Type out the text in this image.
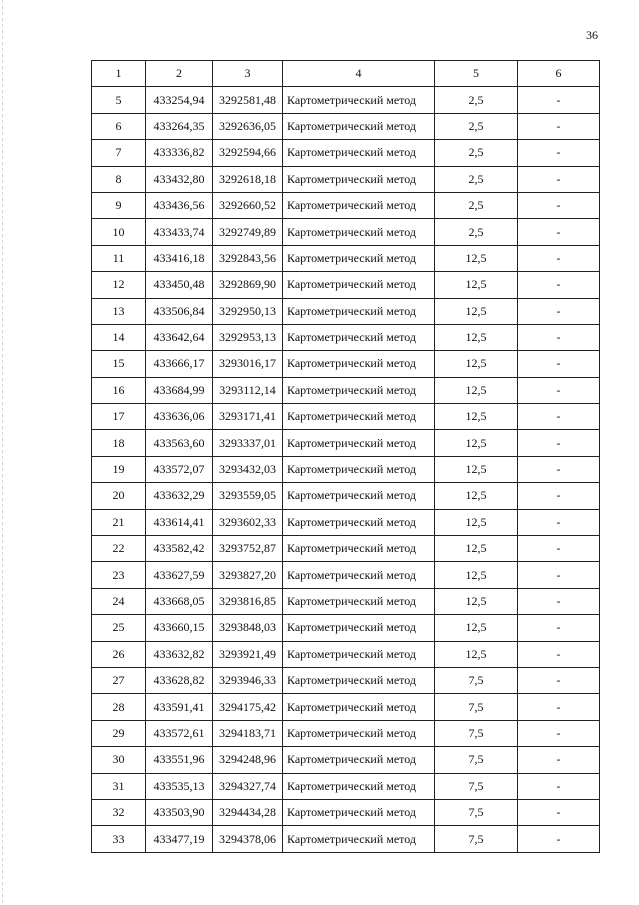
36
1	2	3	4	5	6
5	433254,94	3292581,48	Картометрический метод	2,5	-
6	433264,35	3292636,05	Картометрический метод	2,5	-
7	433336,82	3292594,66	Картометрический метод	2,5	-
8	433432,80	3292618,18	Картометрический метод	2,5	-
9	433436,56	3292660,52	Картометрический метод	2,5	-
10	433433,74	3292749,89	Картометрический метод	2,5	-
11	433416,18	3292843,56	Картометрический метод	12,5	-
12	433450,48	3292869,90	Картометрический метод	12,5	-
13	433506,84	3292950,13	Картометрический метод	12,5	-
14	433642,64	3292953,13	Картометрический метод	12,5	-
15	433666,17	3293016,17	Картометрический метод	12,5	-
16	433684,99	3293112,14	Картометрический метод	12,5	-
17	433636,06	3293171,41	Картометрический метод	12,5	-
18	433563,60	3293337,01	Картометрический метод	12,5	-
19	433572,07	3293432,03	Картометрический метод	12,5	-
20	433632,29	3293559,05	Картометрический метод	12,5	-
21	433614,41	3293602,33	Картометрический метод	12,5	-
22	433582,42	3293752,87	Картометрический метод	12,5	-
23	433627,59	3293827,20	Картометрический метод	12,5	-
24	433668,05	3293816,85	Картометрический метод	12,5	-
25	433660,15	3293848,03	Картометрический метод	12,5	-
26	433632,82	3293921,49	Картометрический метод	12,5	-
27	433628,82	3293946,33	Картометрический метод	7,5	-
28	433591,41	3294175,42	Картометрический метод	7,5	-
29	433572,61	3294183,71	Картометрический метод	7,5	-
30	433551,96	3294248,96	Картометрический метод	7,5	-
31	433535,13	3294327,74	Картометрический метод	7,5	-
32	433503,90	3294434,28	Картометрический метод	7,5	-
33	433477,19	3294378,06	Картометрический метод	7,5	-
